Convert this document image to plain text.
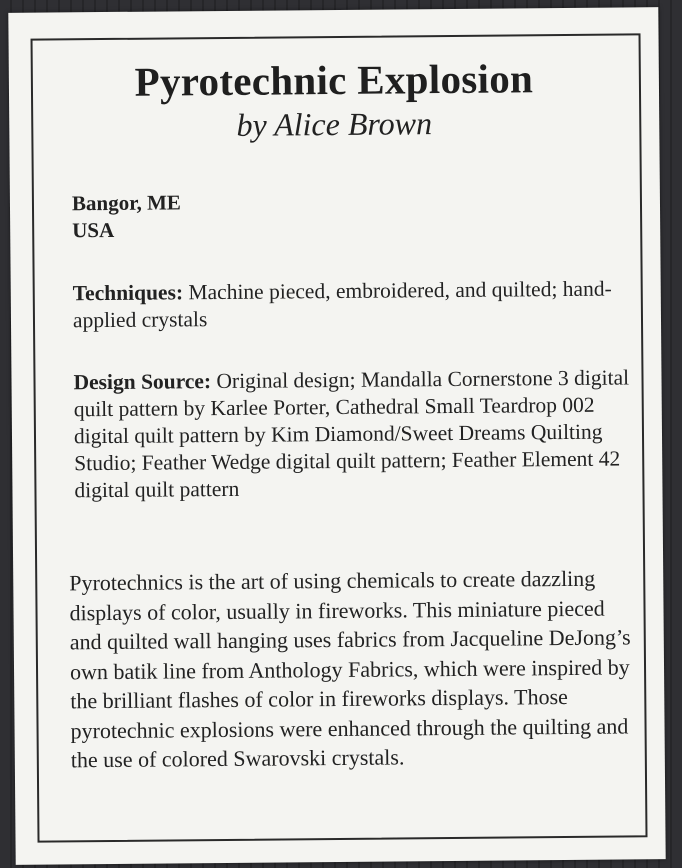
Pyrotechnic Explosion
by Alice Brown
Bangor, ME
USA
Techniques: Machine pieced, embroidered, and quilted; hand-applied crystals
Design Source: Original design; Mandalla Cornerstone 3 digital quilt pattern by Karlee Porter, Cathedral Small Teardrop 002 digital quilt pattern by Kim Diamond/Sweet Dreams Quilting Studio; Feather Wedge digital quilt pattern; Feather Element 42 digital quilt pattern
Pyrotechnics is the art of using chemicals to create dazzling displays of color, usually in fireworks. This miniature pieced and quilted wall hanging uses fabrics from Jacqueline DeJong’s own batik line from Anthology Fabrics, which were inspired by the brilliant flashes of color in fireworks displays. Those pyrotechnic explosions were enhanced through the quilting and the use of colored Swarovski crystals.
